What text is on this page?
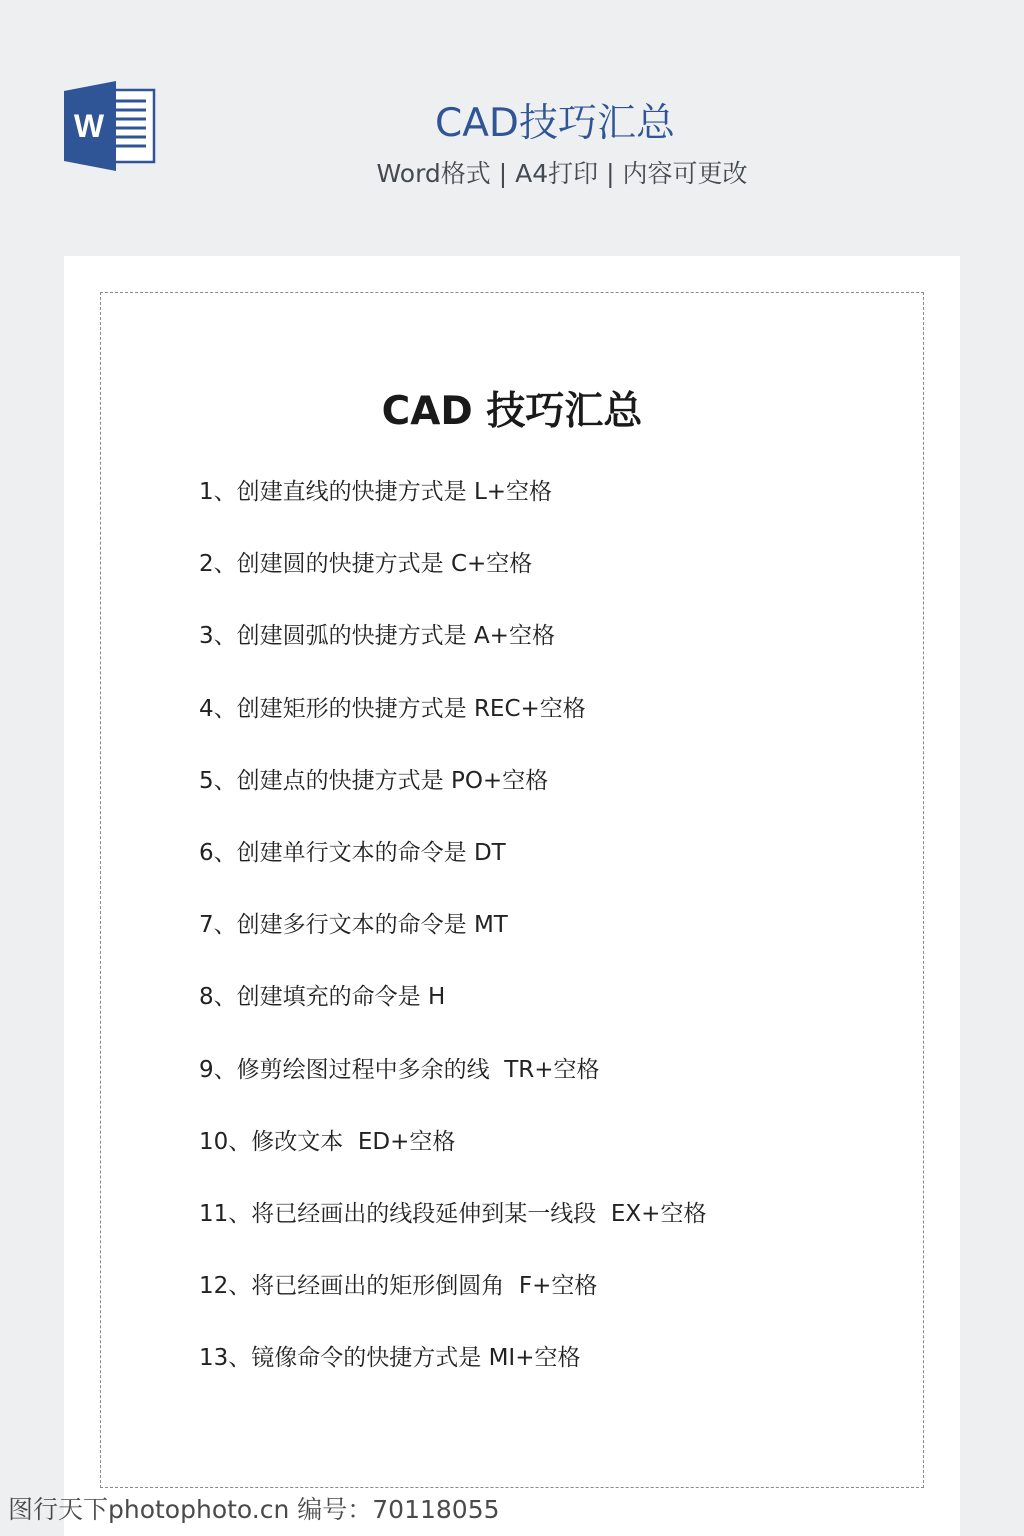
W	CAD技巧汇总
Word格式 | A4打印 | 内容可更改
CAD 技巧汇总
1、创建直线的快捷方式是 L+空格
2、创建圆的快捷方式是 C+空格
3、创建圆弧的快捷方式是 A+空格
4、创建矩形的快捷方式是 REC+空格
5、创建点的快捷方式是 PO+空格
6、创建单行文本的命令是 DT
7、创建多行文本的命令是 MT
8、创建填充的命令是 H
9、修剪绘图过程中多余的线  TR+空格
10、修改文本  ED+空格
11、将已经画出的线段延伸到某一线段  EX+空格
12、将已经画出的矩形倒圆角  F+空格
13、镜像命令的快捷方式是 MI+空格
图行天下photophoto.cn 编号：70118055
